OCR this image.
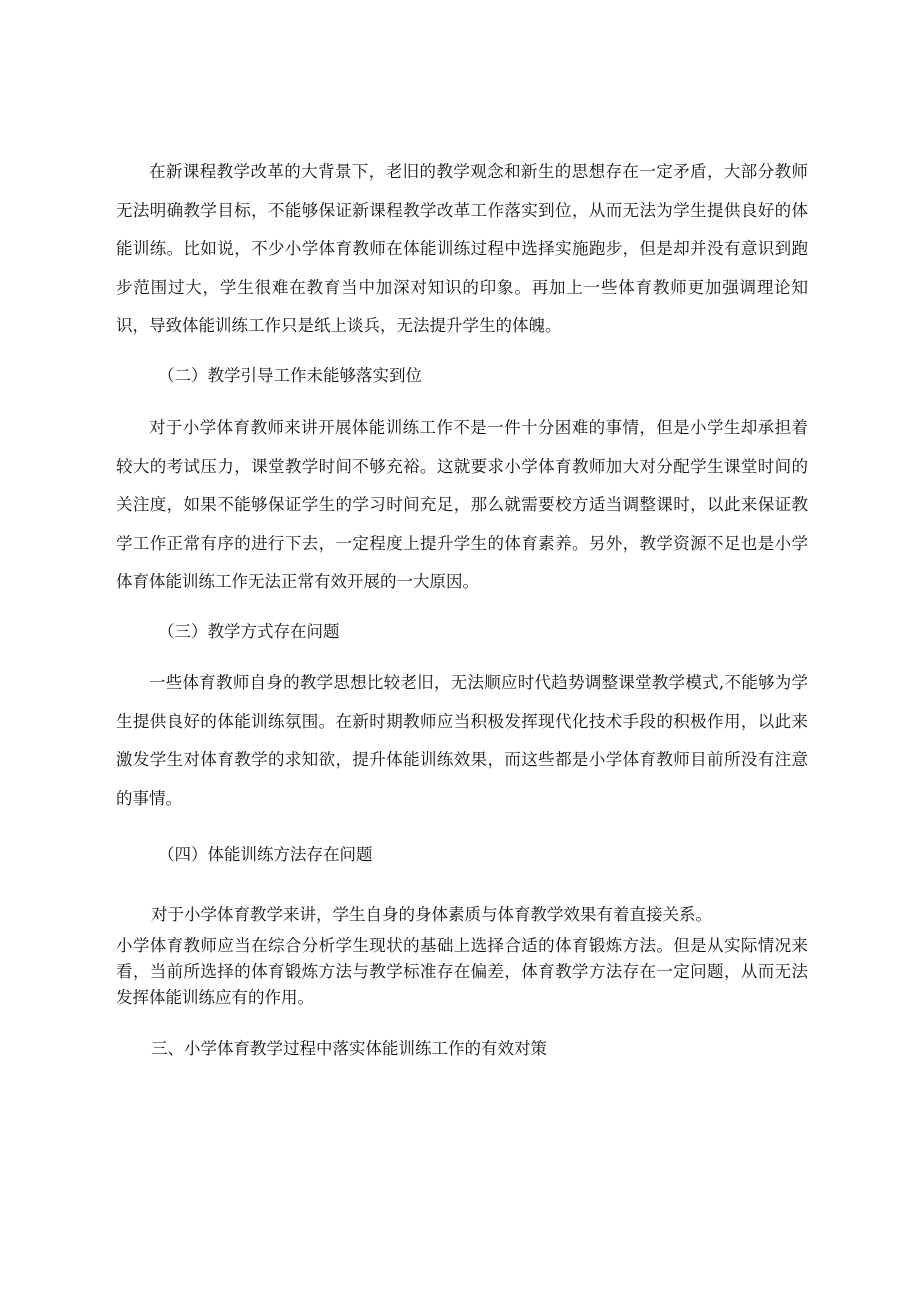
在新课程教学改革的大背景下，老旧的教学观念和新生的思想存在一定矛盾，大部分教师无法明确教学目标，不能够保证新课程教学改革工作落实到位，从而无法为学生提供良好的体能训练。比如说，不少小学体育教师在体能训练过程中选择实施跑步，但是却并没有意识到跑步范围过大，学生很难在教育当中加深对知识的印象。再加上一些体育教师更加强调理论知识，导致体能训练工作只是纸上谈兵，无法提升学生的体魄。

（二）教学引导工作未能够落实到位

对于小学体育教师来讲开展体能训练工作不是一件十分困难的事情，但是小学生却承担着较大的考试压力，课堂教学时间不够充裕。这就要求小学体育教师加大对分配学生课堂时间的关注度，如果不能够保证学生的学习时间充足，那么就需要校方适当调整课时，以此来保证教学工作正常有序的进行下去，一定程度上提升学生的体育素养。另外，教学资源不足也是小学体育体能训练工作无法正常有效开展的一大原因。

（三）教学方式存在问题

一些体育教师自身的教学思想比较老旧，无法顺应时代趋势调整课堂教学模式,不能够为学生提供良好的体能训练氛围。在新时期教师应当积极发挥现代化技术手段的积极作用，以此来激发学生对体育教学的求知欲，提升体能训练效果，而这些都是小学体育教师目前所没有注意的事情。

（四）体能训练方法存在问题

对于小学体育教学来讲，学生自身的身体素质与体育教学效果有着直接关系。

小学体育教师应当在综合分析学生现状的基础上选择合适的体育锻炼方法。但是从实际情况来看，当前所选择的体育锻炼方法与教学标准存在偏差，体育教学方法存在一定问题，从而无法发挥体能训练应有的作用。

三、小学体育教学过程中落实体能训练工作的有效对策
